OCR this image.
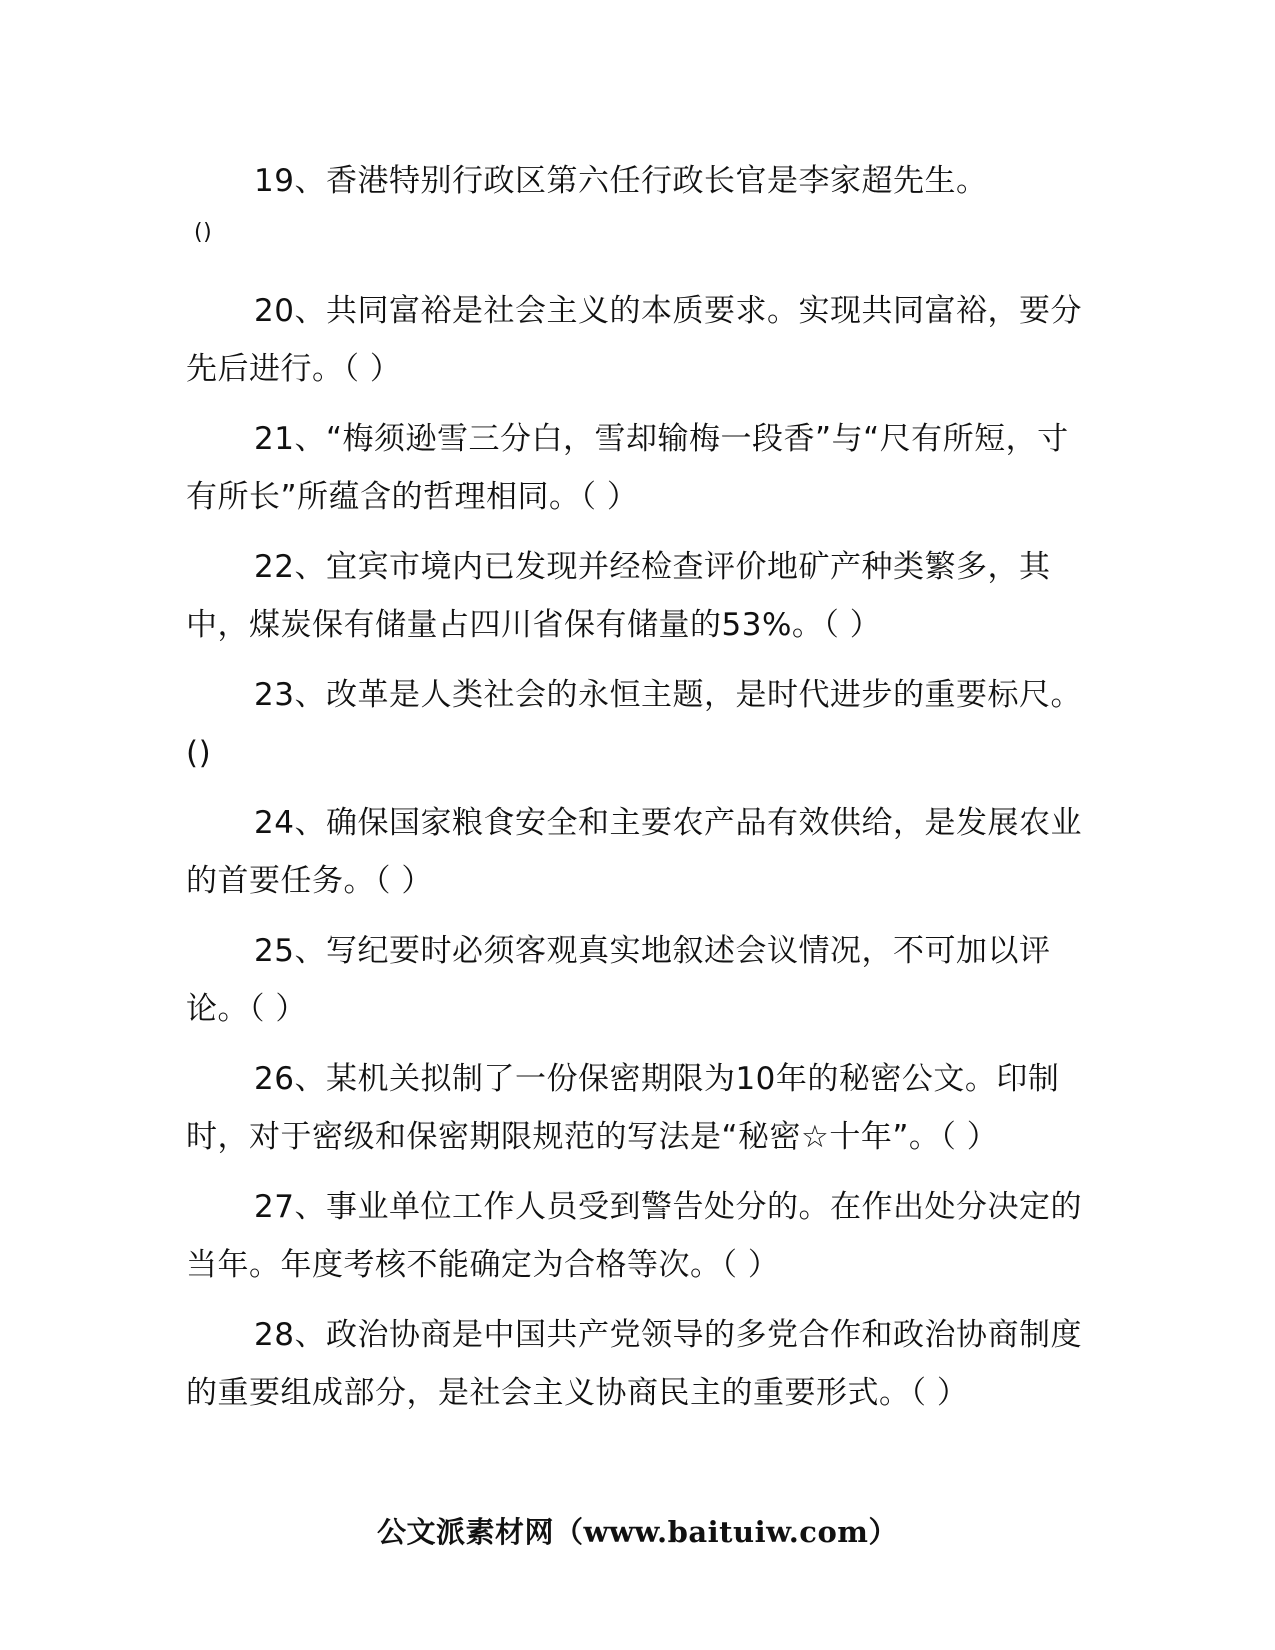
19、香港特别行政区第六任行政长官是李家超先生。
()

20、共同富裕是社会主义的本质要求。实现共同富裕，要分先后进行。（ ）

21、“梅须逊雪三分白，雪却输梅一段香”与“尺有所短，寸有所长”所蕴含的哲理相同。（ ）

22、宜宾市境内已发现并经检查评价地矿产种类繁多，其中，煤炭保有储量占四川省保有储量的53%。（ ）

23、改革是人类社会的永恒主题，是时代进步的重要标尺。()

24、确保国家粮食安全和主要农产品有效供给，是发展农业的首要任务。（ ）

25、写纪要时必须客观真实地叙述会议情况，不可加以评论。（ ）

26、某机关拟制了一份保密期限为10年的秘密公文。印制时，对于密级和保密期限规范的写法是“秘密☆十年”。（ ）

27、事业单位工作人员受到警告处分的。在作出处分决定的当年。年度考核不能确定为合格等次。（ ）

28、政治协商是中国共产党领导的多党合作和政治协商制度的重要组成部分，是社会主义协商民主的重要形式。（ ）

公文派素材网（www.baituiw.com）
